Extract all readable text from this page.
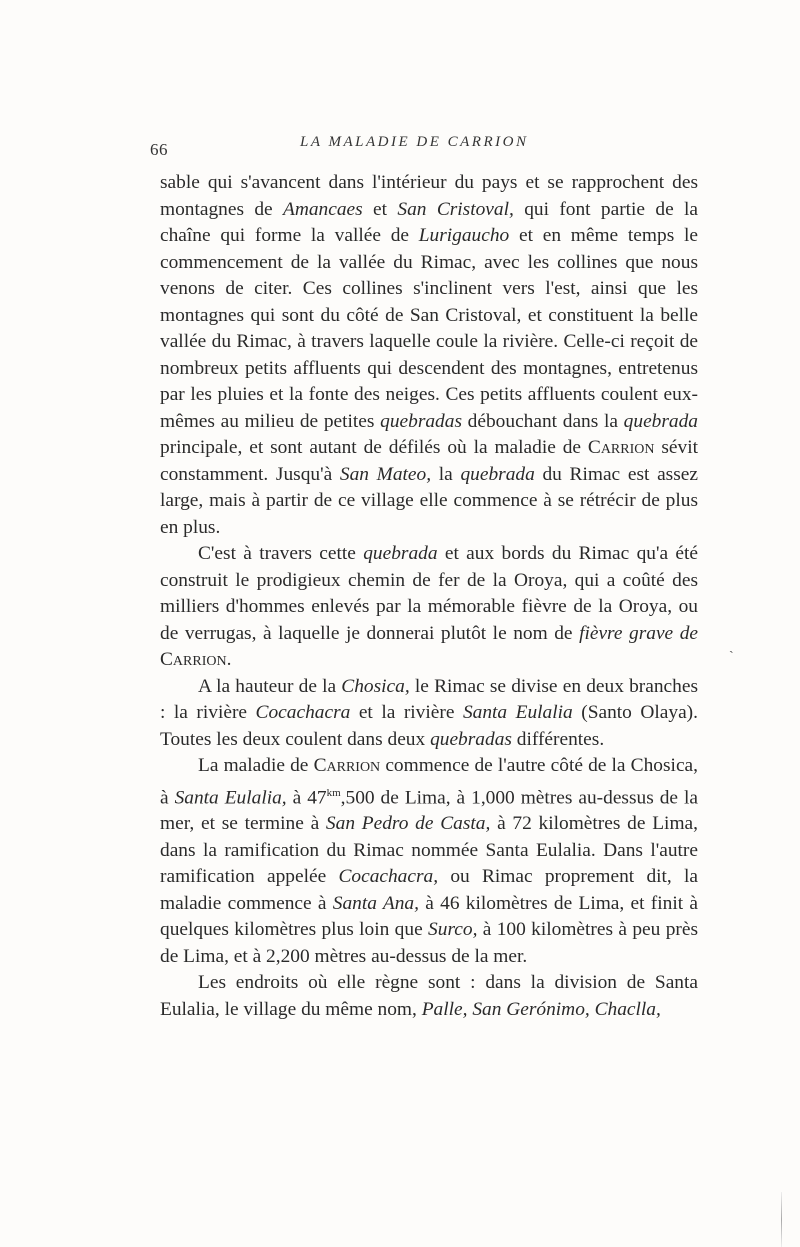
66	LA MALADIE DE CARRION

sable qui s'avancent dans l'intérieur du pays et se rapprochent des montagnes de Amancaes et San Cristoval, qui font partie de la chaîne qui forme la vallée de Lurigaucho et en même temps le commencement de la vallée du Rimac, avec les collines que nous venons de citer. Ces collines s'inclinent vers l'est, ainsi que les montagnes qui sont du côté de San Cristoval, et constituent la belle vallée du Rimac, à travers laquelle coule la rivière. Celle-ci reçoit de nombreux petits affluents qui descendent des montagnes, entretenus par les pluies et la fonte des neiges. Ces petits affluents coulent eux-mêmes au milieu de petites quebradas débouchant dans la quebrada principale, et sont autant de défilés où la maladie de Carrion sévit constamment. Jusqu'à San Mateo, la quebrada du Rimac est assez large, mais à partir de ce village elle commence à se rétrécir de plus en plus.

C'est à travers cette quebrada et aux bords du Rimac qu'a été construit le prodigieux chemin de fer de la Oroya, qui a coûté des milliers d'hommes enlevés par la mémorable fièvre de la Oroya, ou de verrugas, à laquelle je donnerai plutôt le nom de fièvre grave de Carrion.

A la hauteur de la Chosica, le Rimac se divise en deux branches : la rivière Cocachacra et la rivière Santa Eulalia (Santo Olaya). Toutes les deux coulent dans deux quebradas différentes.

La maladie de Carrion commence de l'autre côté de la Chosica, à Santa Eulalia, à $47^{km},500$ de Lima, à 1,000 mètres au-dessus de la mer, et se termine à San Pedro de Casta, à 72 kilomètres de Lima, dans la ramification du Rimac nommée Santa Eulalia. Dans l'autre ramification appelée Cocachacra, ou Rimac proprement dit, la maladie commence à Santa Ana, à 46 kilomètres de Lima, et finit à quelques kilomètres plus loin que Surco, à 100 kilomètres à peu près de Lima, et à 2,200 mètres au-dessus de la mer.

Les endroits où elle règne sont : dans la division de Santa Eulalia, le village du même nom, Palle, San Gerónimo, Chaclla,

ˏ
